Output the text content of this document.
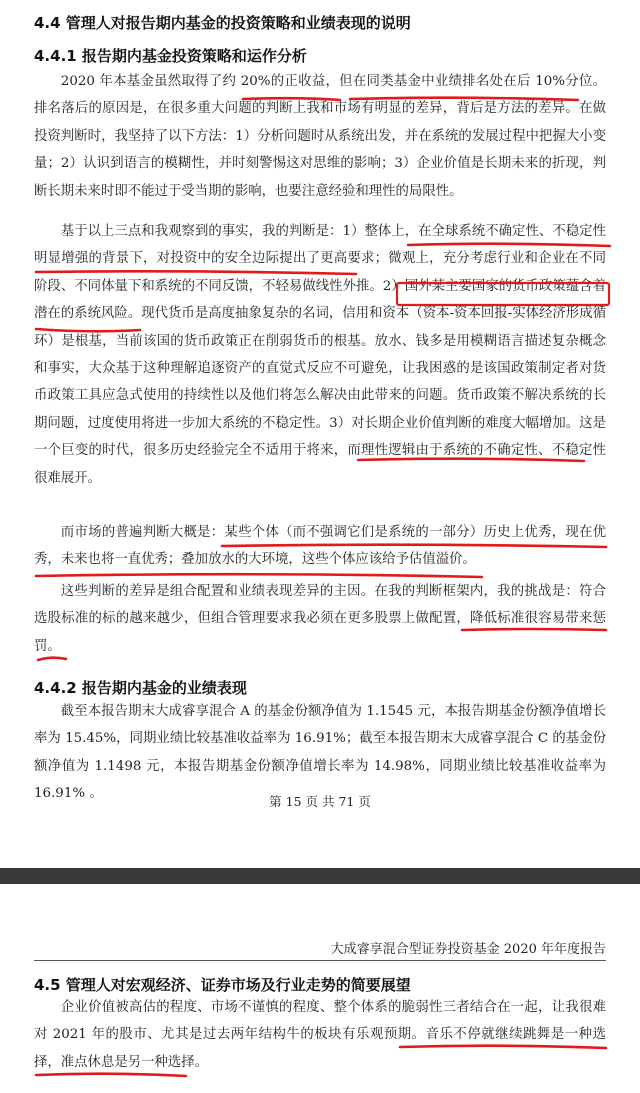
4.4 管理人对报告期内基金的投资策略和业绩表现的说明
4.4.1 报告期内基金投资策略和运作分析

2020 年本基金虽然取得了约 20%的正收益，但在同类基金中业绩排名处在后 10%分位。排名落后的原因是，在很多重大问题的判断上我和市场有明显的差异，背后是方法的差异。在做投资判断时，我坚持了以下方法：1）分析问题时从系统出发，并在系统的发展过程中把握大小变量；2）认识到语言的模糊性，并时刻警惕这对思维的影响；3）企业价值是长期未来的折现，判断长期未来时即不能过于受当期的影响，也要注意经验和理性的局限性。

基于以上三点和我观察到的事实，我的判断是：1）整体上，在全球系统不确定性、不稳定性明显增强的背景下，对投资中的安全边际提出了更高要求；微观上，充分考虑行业和企业在不同阶段、不同体量下和系统的不同反馈，不轻易做线性外推。2）国外某主要国家的货币政策蕴含着潜在的系统风险。现代货币是高度抽象复杂的名词，信用和资本（资本-资本回报-实体经济形成循环）是根基，当前该国的货币政策正在削弱货币的根基。放水、钱多是用模糊语言描述复杂概念和事实，大众基于这种理解追逐资产的直觉式反应不可避免，让我困惑的是该国政策制定者对货币政策工具应急式使用的持续性以及他们将怎么解决由此带来的问题。货币政策不解决系统的长期问题，过度使用将进一步加大系统的不稳定性。3）对长期企业价值判断的难度大幅增加。这是一个巨变的时代，很多历史经验完全不适用于将来，而理性逻辑由于系统的不确定性、不稳定性很难展开。

而市场的普遍判断大概是：某些个体（而不强调它们是系统的一部分）历史上优秀，现在优秀，未来也将一直优秀；叠加放水的大环境，这些个体应该给予估值溢价。

这些判断的差异是组合配置和业绩表现差异的主因。在我的判断框架内，我的挑战是：符合选股标准的标的越来越少，但组合管理要求我必须在更多股票上做配置，降低标准很容易带来惩罚。

4.4.2 报告期内基金的业绩表现

截至本报告期末大成睿享混合 A 的基金份额净值为 1.1545 元，本报告期基金份额净值增长率为 15.45%，同期业绩比较基准收益率为 16.91%；截至本报告期末大成睿享混合 C 的基金份额净值为 1.1498 元，本报告期基金份额净值增长率为 14.98%，同期业绩比较基准收益率为 16.91% 。

第 15 页 共 71 页
大成睿享混合型证券投资基金 2020 年年度报告
4.5 管理人对宏观经济、证券市场及行业走势的简要展望

企业价值被高估的程度、市场不谨慎的程度、整个体系的脆弱性三者结合在一起，让我很难对 2021 年的股市、尤其是过去两年结构牛的板块有乐观预期。音乐不停就继续跳舞是一种选择，准点休息是另一种选择。
